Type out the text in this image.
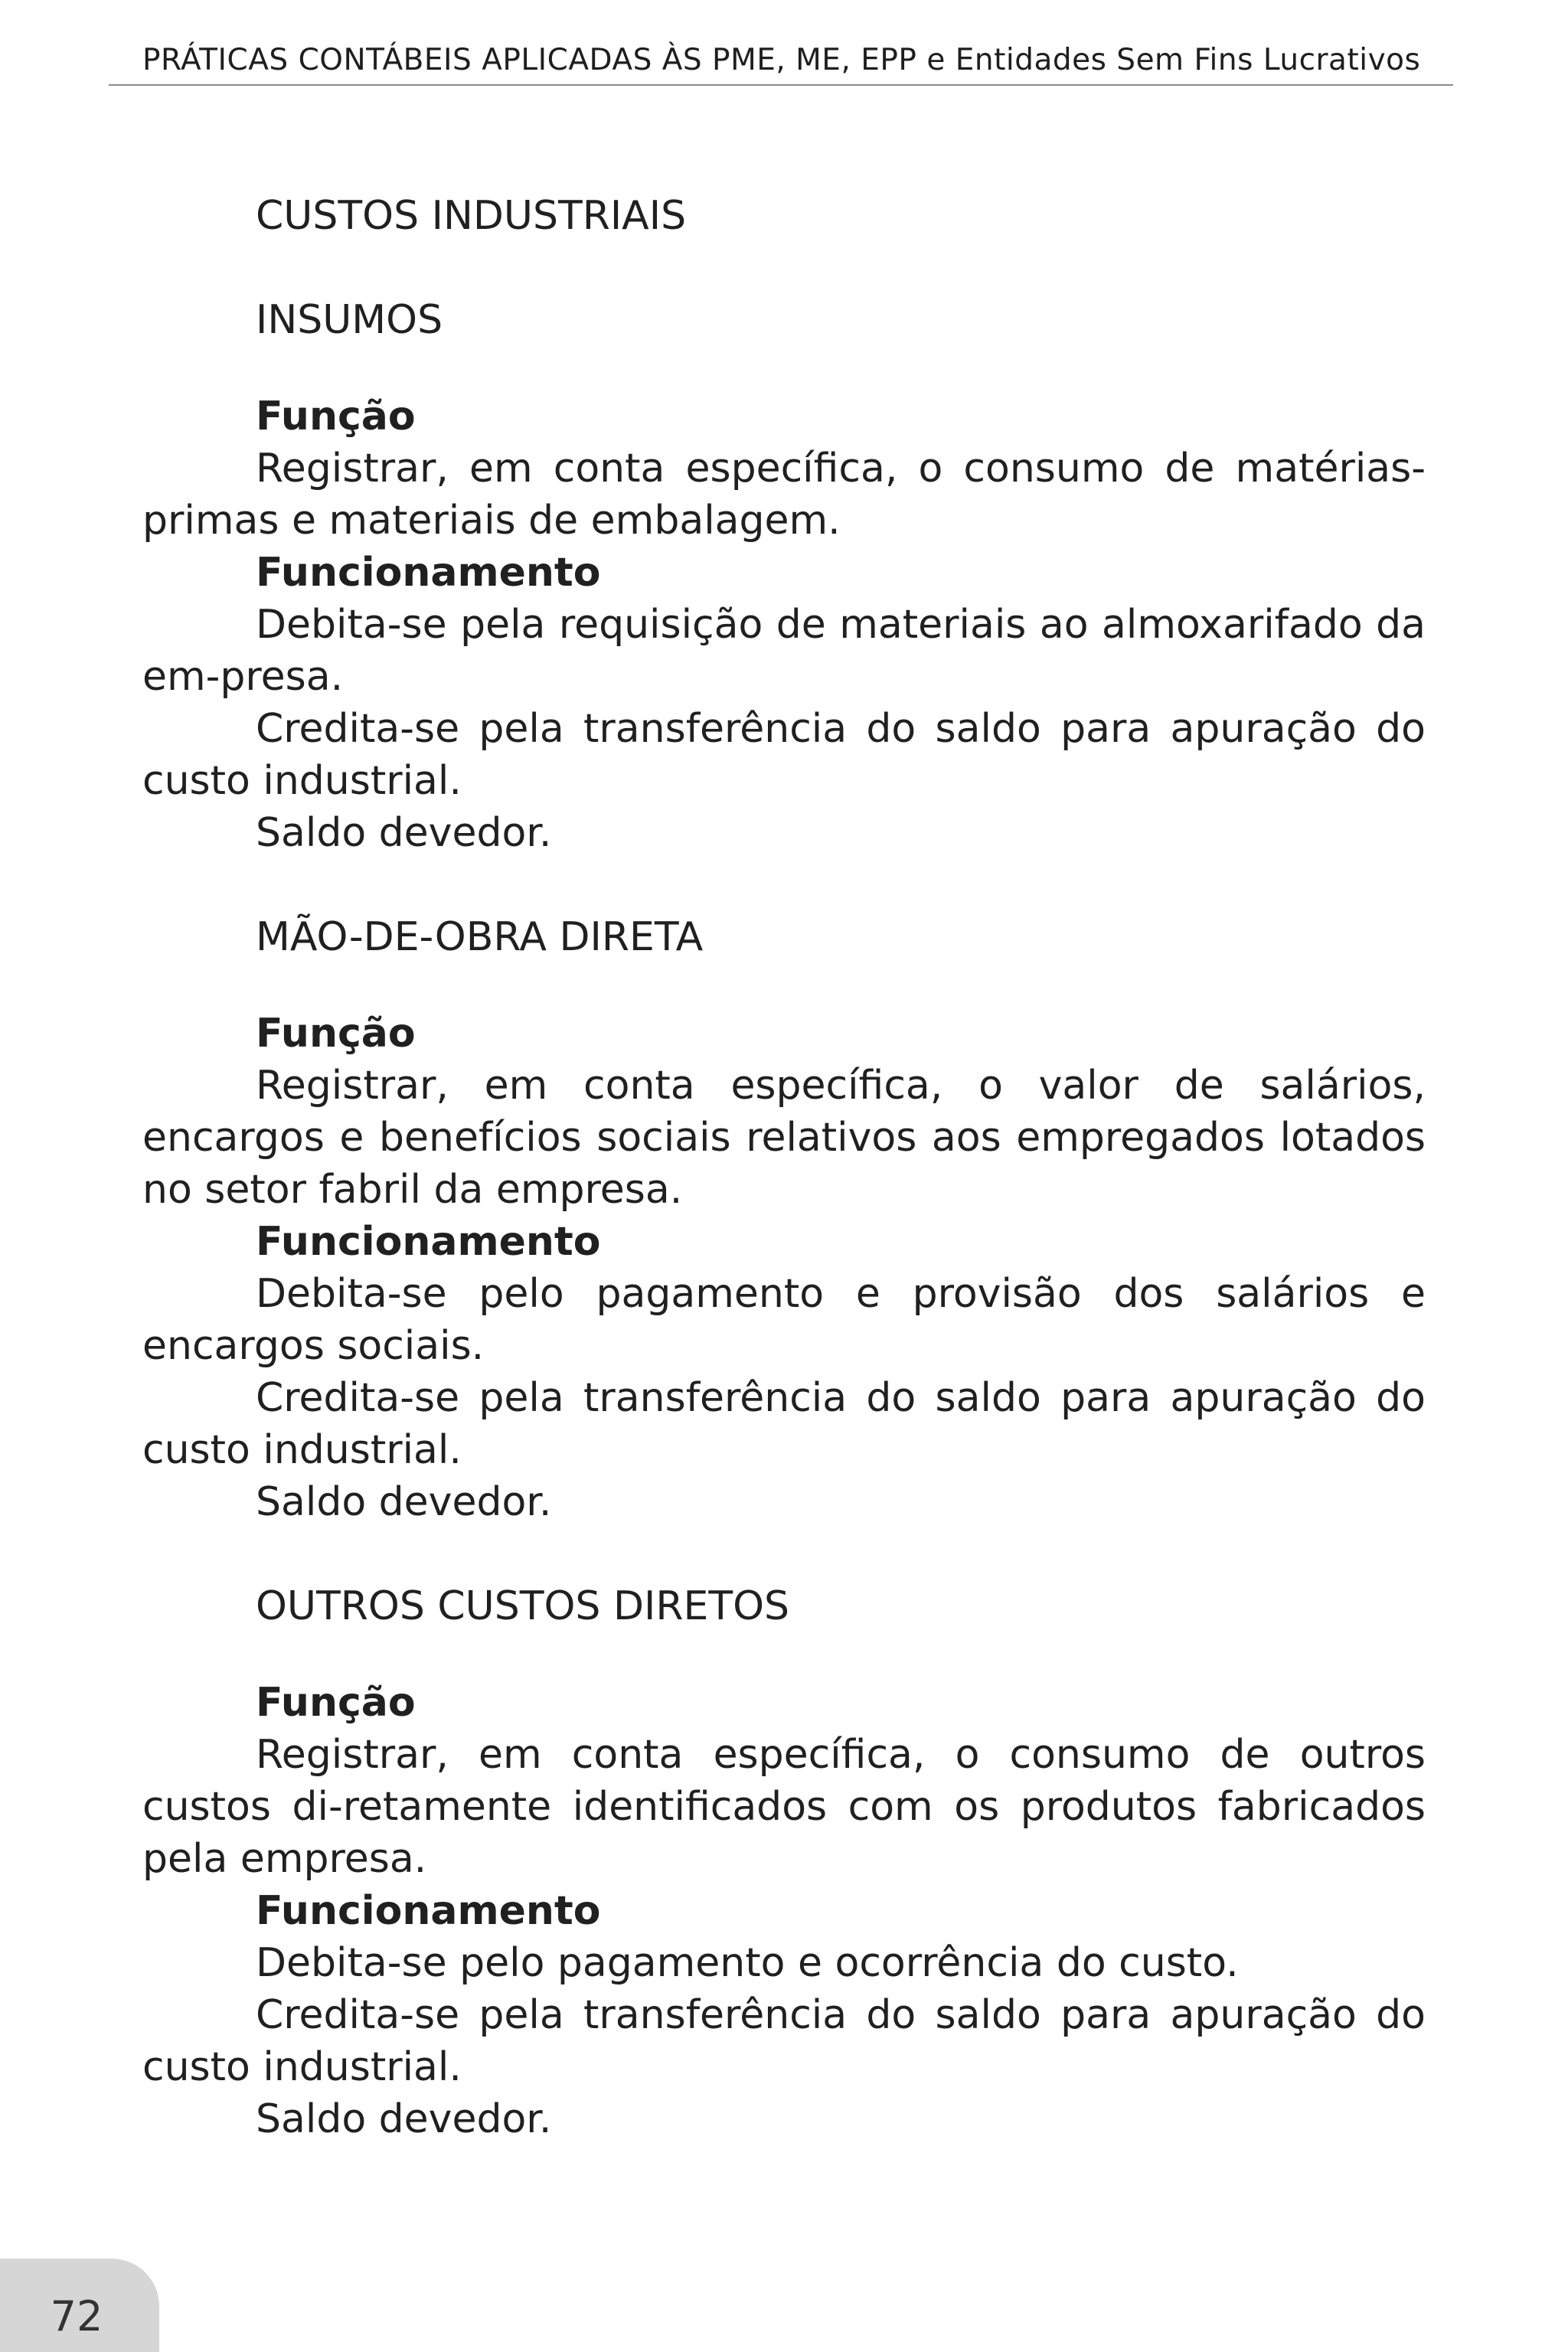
PRÁTICAS CONTÁBEIS APLICADAS ÀS PME, ME, EPP e Entidades Sem Fins Lucrativos
CUSTOS INDUSTRIAIS
INSUMOS
Função
Registrar, em conta específica, o consumo de matérias-primas e materiais de embalagem.
Funcionamento
Debita-se pela requisição de materiais ao almoxarifado da em-presa.
Credita-se pela transferência do saldo para apuração do custo industrial.
Saldo devedor.
MÃO-DE-OBRA DIRETA
Função
Registrar, em conta específica, o valor de salários, encargos e benefícios sociais relativos aos empregados lotados no setor fabril da empresa.
Funcionamento
Debita-se pelo pagamento e provisão dos salários e encargos sociais.
Credita-se pela transferência do saldo para apuração do custo industrial.
Saldo devedor.
OUTROS CUSTOS DIRETOS
Função
Registrar, em conta específica, o consumo de outros custos di-retamente identificados com os produtos fabricados pela empresa.
Funcionamento
Debita-se pelo pagamento e ocorrência do custo.
Credita-se pela transferência do saldo para apuração do custo industrial.
Saldo devedor.
72
